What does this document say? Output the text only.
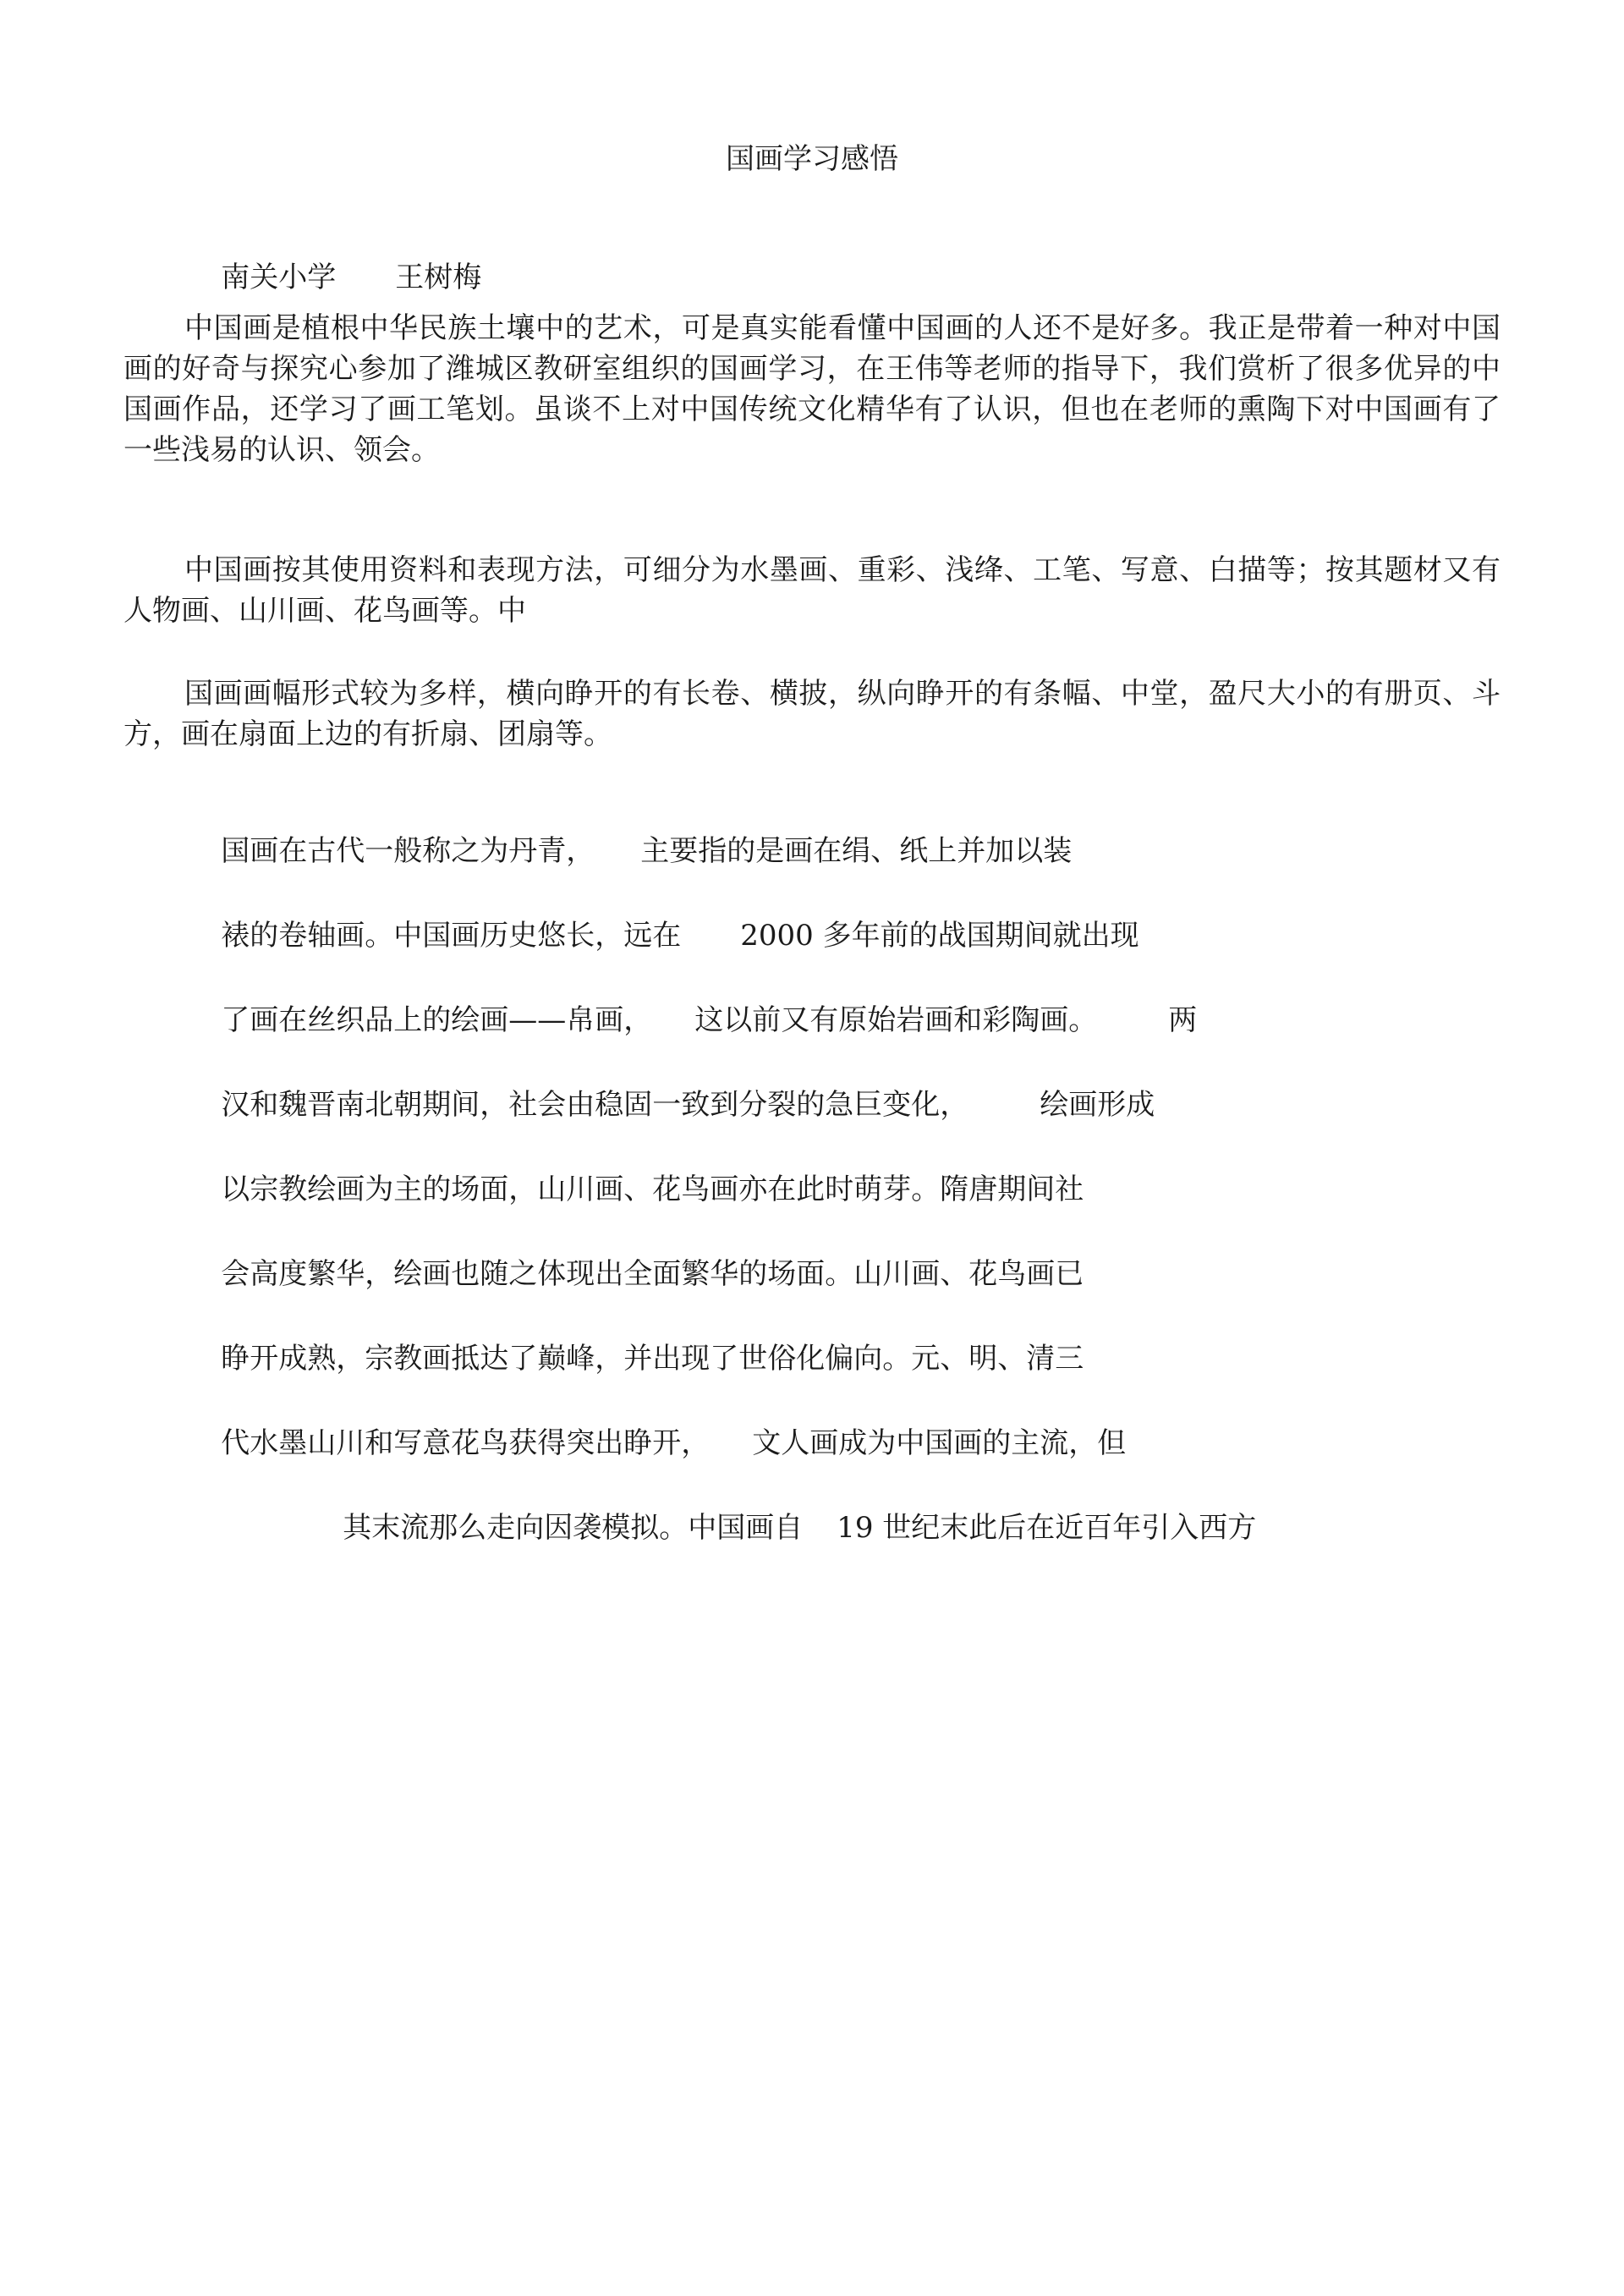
国画学习感悟

南关小学 王树梅

中国画是植根中华民族土壤中的艺术，可是真实能看懂中国画的人还不是好多。我正是带着一种对中国画的好奇与探究心参加了潍城区教研室组织的国画学习，在王伟等老师的指导下，我们赏析了很多优异的中国画作品，还学习了画工笔划。虽谈不上对中国传统文化精华有了认识，但也在老师的熏陶下对中国画有了一些浅易的认识、领会。
中国画按其使用资料和表现方法，可细分为水墨画、重彩、浅绛、工笔、写意、白描等；按其题材又有人物画、山川画、花鸟画等。中
国画画幅形式较为多样，横向睁开的有长卷、横披，纵向睁开的有条幅、中堂，盈尺大小的有册页、斗方，画在扇面上边的有折扇、团扇等。

国画在古代一般称之为丹青， 主要指的是画在绢、纸上并加以装

裱的卷轴画。中国画历史悠长，远在 2000 多年前的战国期间就出现

了画在丝织品上的绘画——帛画， 这以前又有原始岩画和彩陶画。 两

汉和魏晋南北朝期间，社会由稳固一致到分裂的急巨变化， 绘画形成

以宗教绘画为主的场面，山川画、花鸟画亦在此时萌芽。隋唐期间社

会高度繁华，绘画也随之体现出全面繁华的场面。山川画、花鸟画已

睁开成熟，宗教画抵达了巅峰，并出现了世俗化偏向。元、明、清三

代水墨山川和写意花鸟获得突出睁开， 文人画成为中国画的主流，但

其末流那么走向因袭模拟。中国画自 19 世纪末此后在近百年引入西方
